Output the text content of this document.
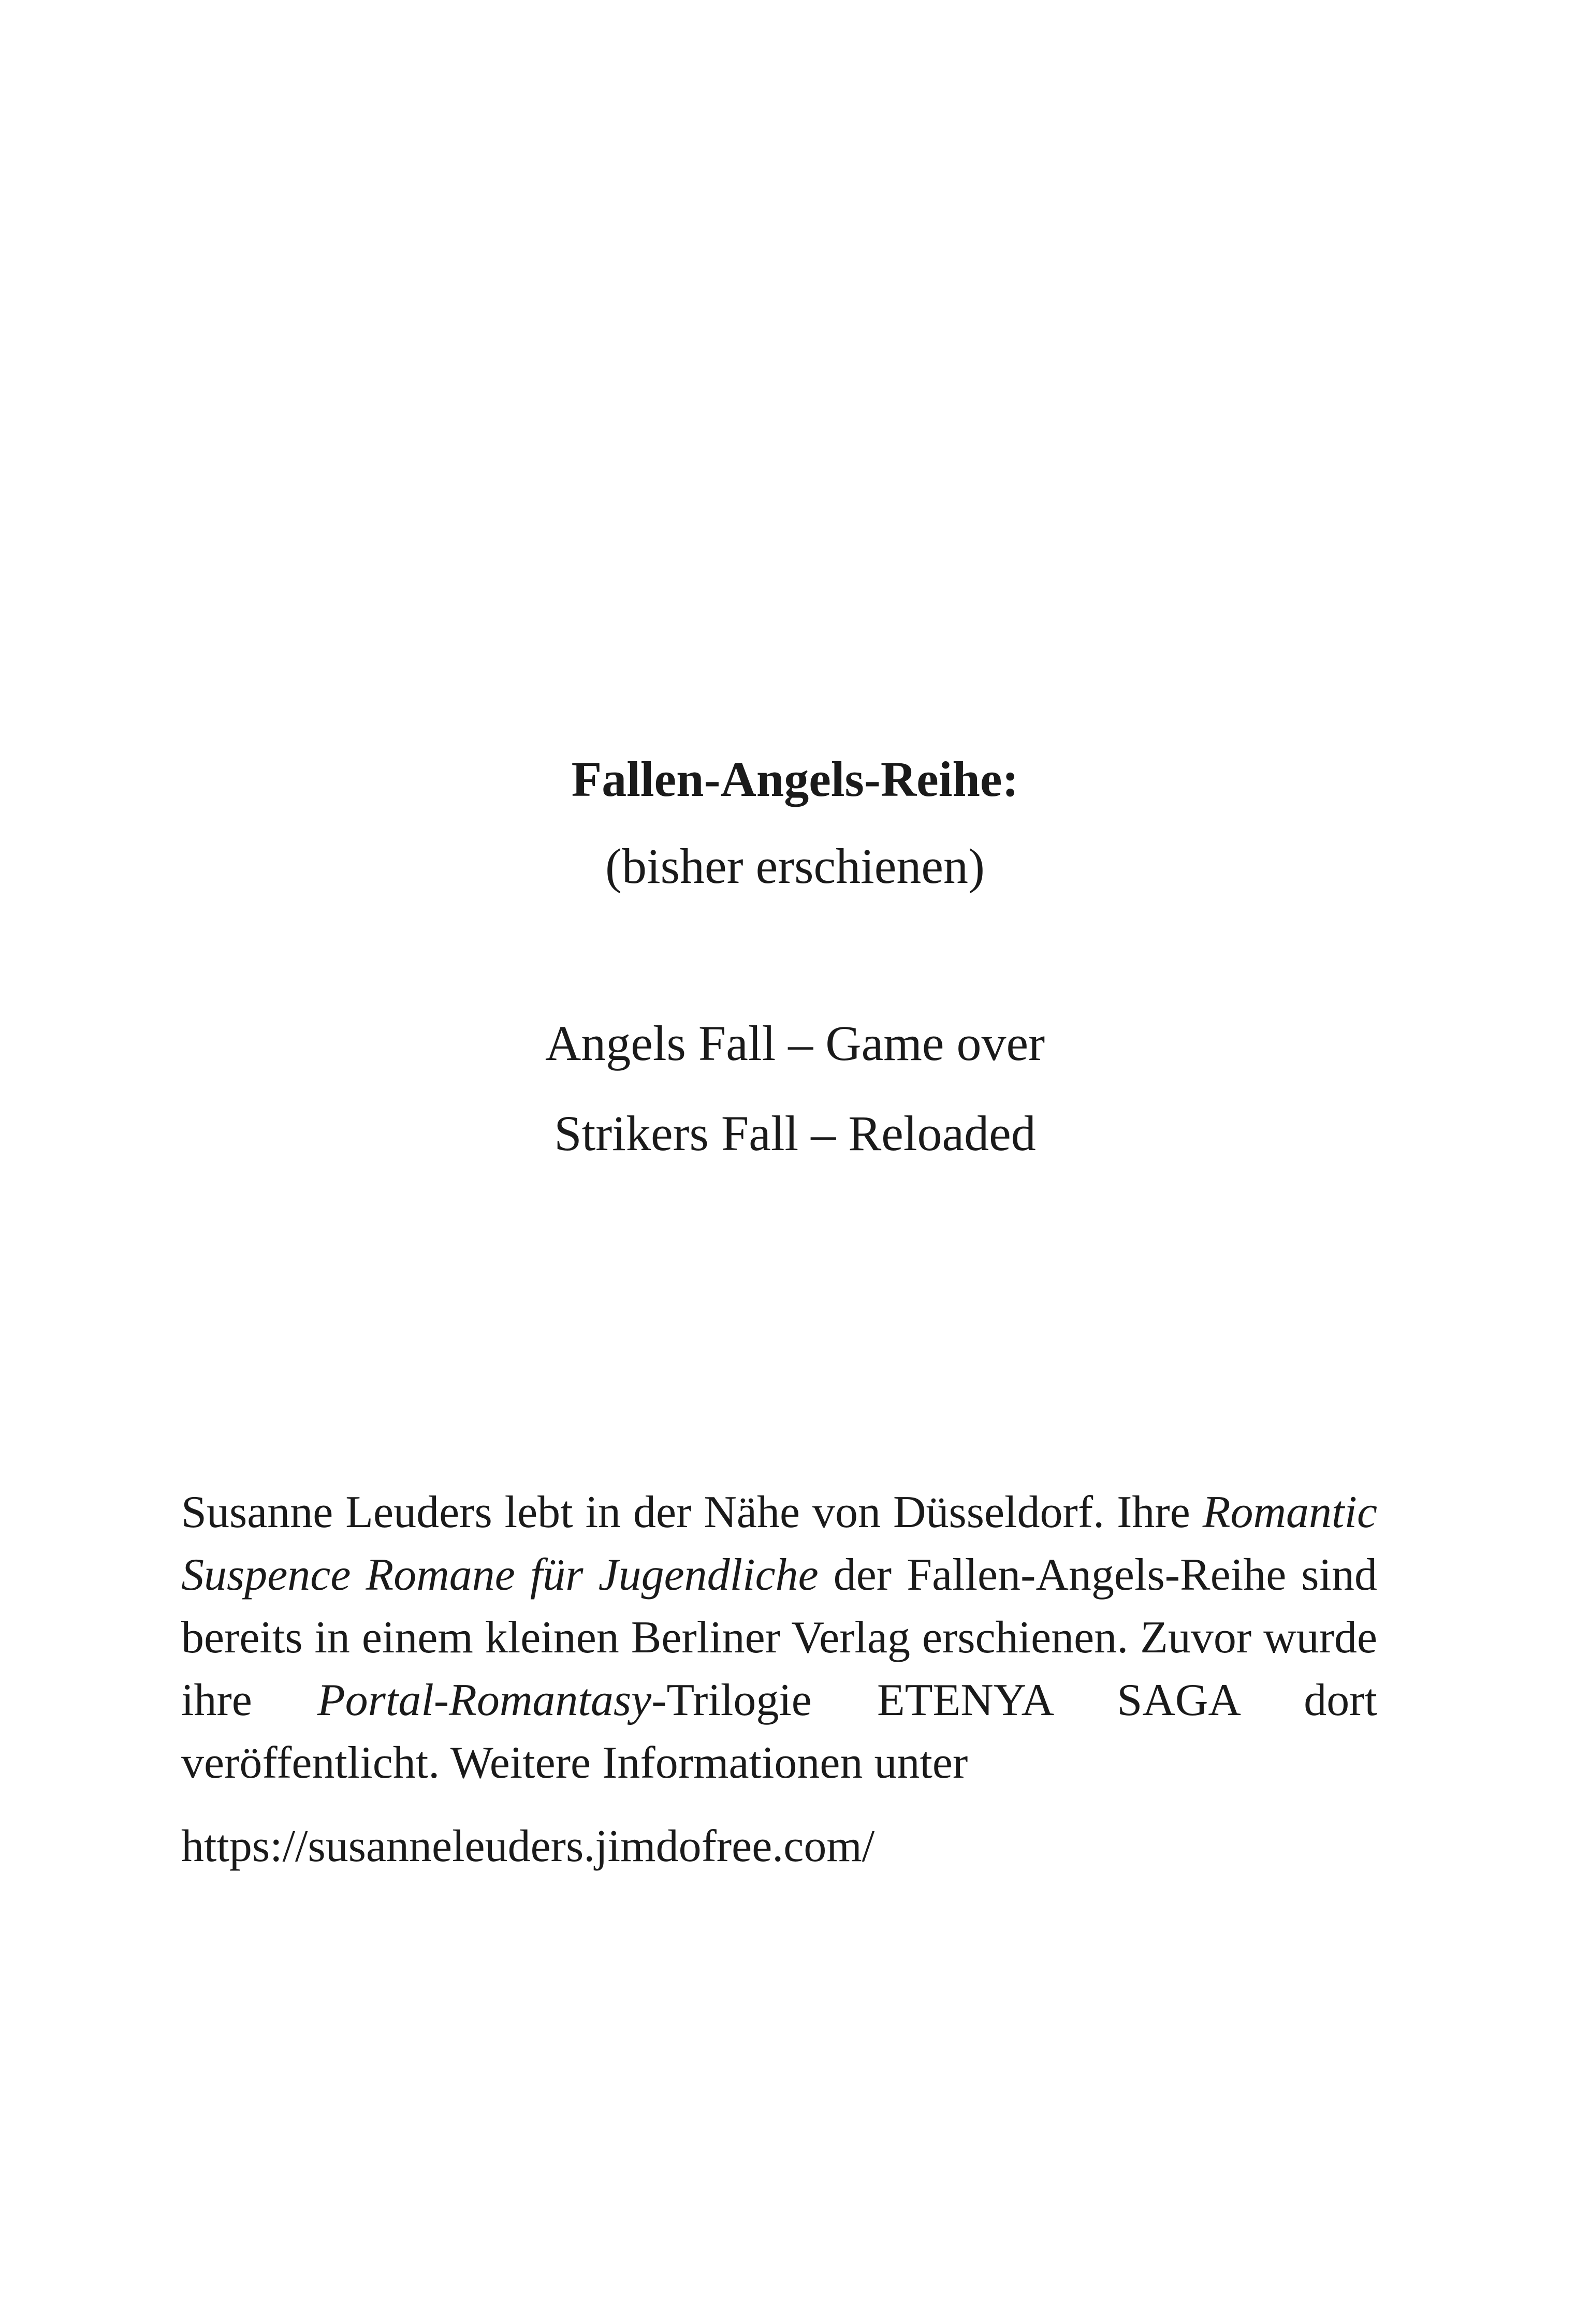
Fallen-Angels-Reihe:

(bisher erschienen)

Angels Fall – Game over
Strikers Fall – Reloaded

Susanne Leuders lebt in der Nähe von Düsseldorf. Ihre Romantic Suspence Romane für Jugendliche der Fallen-Angels-Reihe sind bereits in einem kleinen Berliner Verlag erschienen. Zuvor wurde ihre Portal-Romantasy-Trilogie ETENYA SAGA dort veröffentlicht. Weitere Informationen unter

https://susanneleuders.jimdofree.com/
